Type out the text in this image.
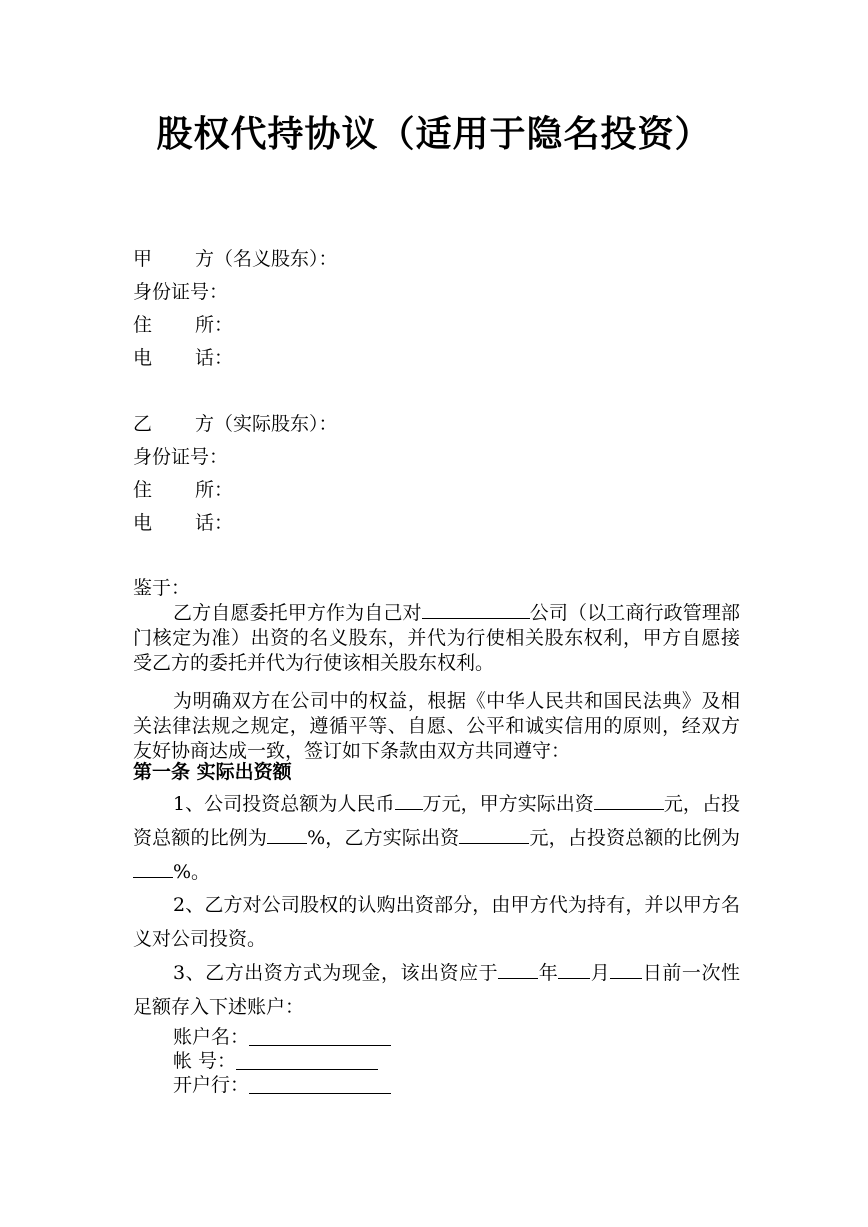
股权代持协议（适用于隐名投资）
甲 方（名义股东）：
身份证号：
住 所：
电 话：
乙 方（实际股东）：
身份证号：
住 所：
电 话：
鉴于：
乙方自愿委托甲方作为自己对	公司（以工商行政管理部门核定为准）出资的名义股东，并代为行使相关股东权利，甲方自愿接受乙方的委托并代为行使该相关股东权利。
为明确双方在公司中的权益，根据《中华人民共和国民法典》及相关法律法规之规定，遵循平等、自愿、公平和诚实信用的原则，经双方友好协商达成一致，签订如下条款由双方共同遵守：
第一条 实际出资额
1、公司投资总额为人民币 万元，甲方实际出资	元，占投资总额的比例为 %，乙方实际出资	元，占投资总额的比例为%。
2、乙方对公司股权的认购出资部分，由甲方代为持有，并以甲方名义对公司投资。
3、乙方出资方式为现金，该出资应于 年 月 日前一次性足额存入下述账户：
账户名：
帐 号：
开户行：
